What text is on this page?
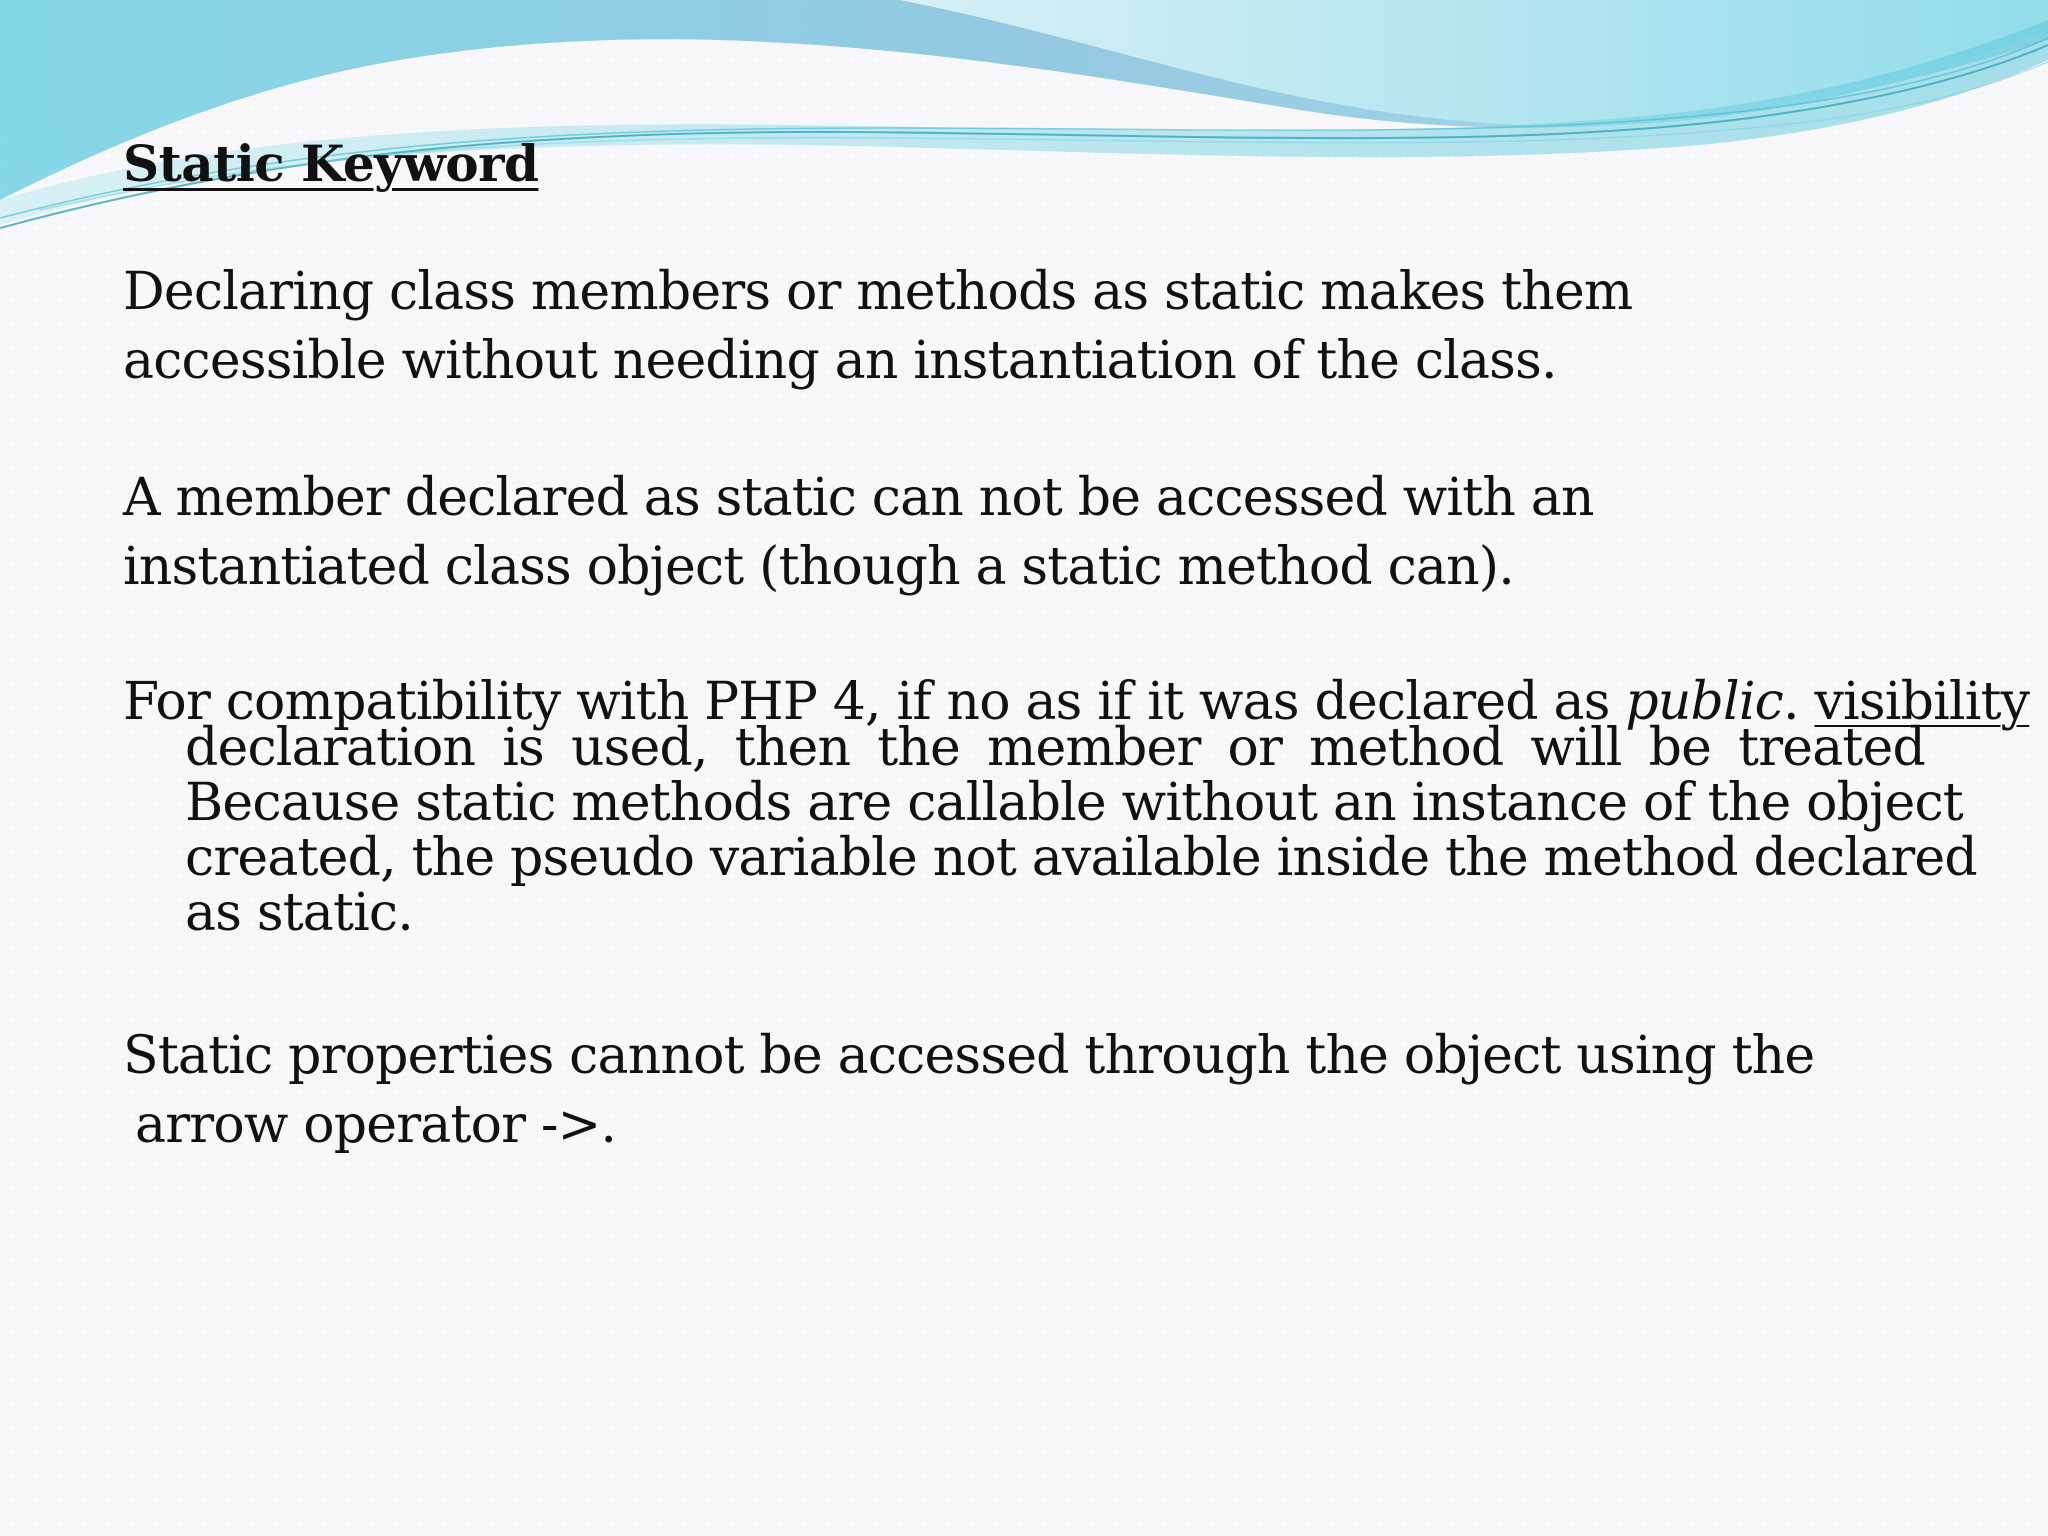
Static Keyword
Declaring class members or methods as static makes them
accessible without needing an instantiation of the class.
A member declared as static can not be accessed with an
instantiated class object (though a static method can).
For compatibility with PHP 4, if no as if it was declared as public. visibility
declaration is used, then the member or method will be treated
Because static methods are callable without an instance of the object
created, the pseudo variable not available inside the method declared
as static.
Static properties cannot be accessed through the object using the
arrow operator ->.
